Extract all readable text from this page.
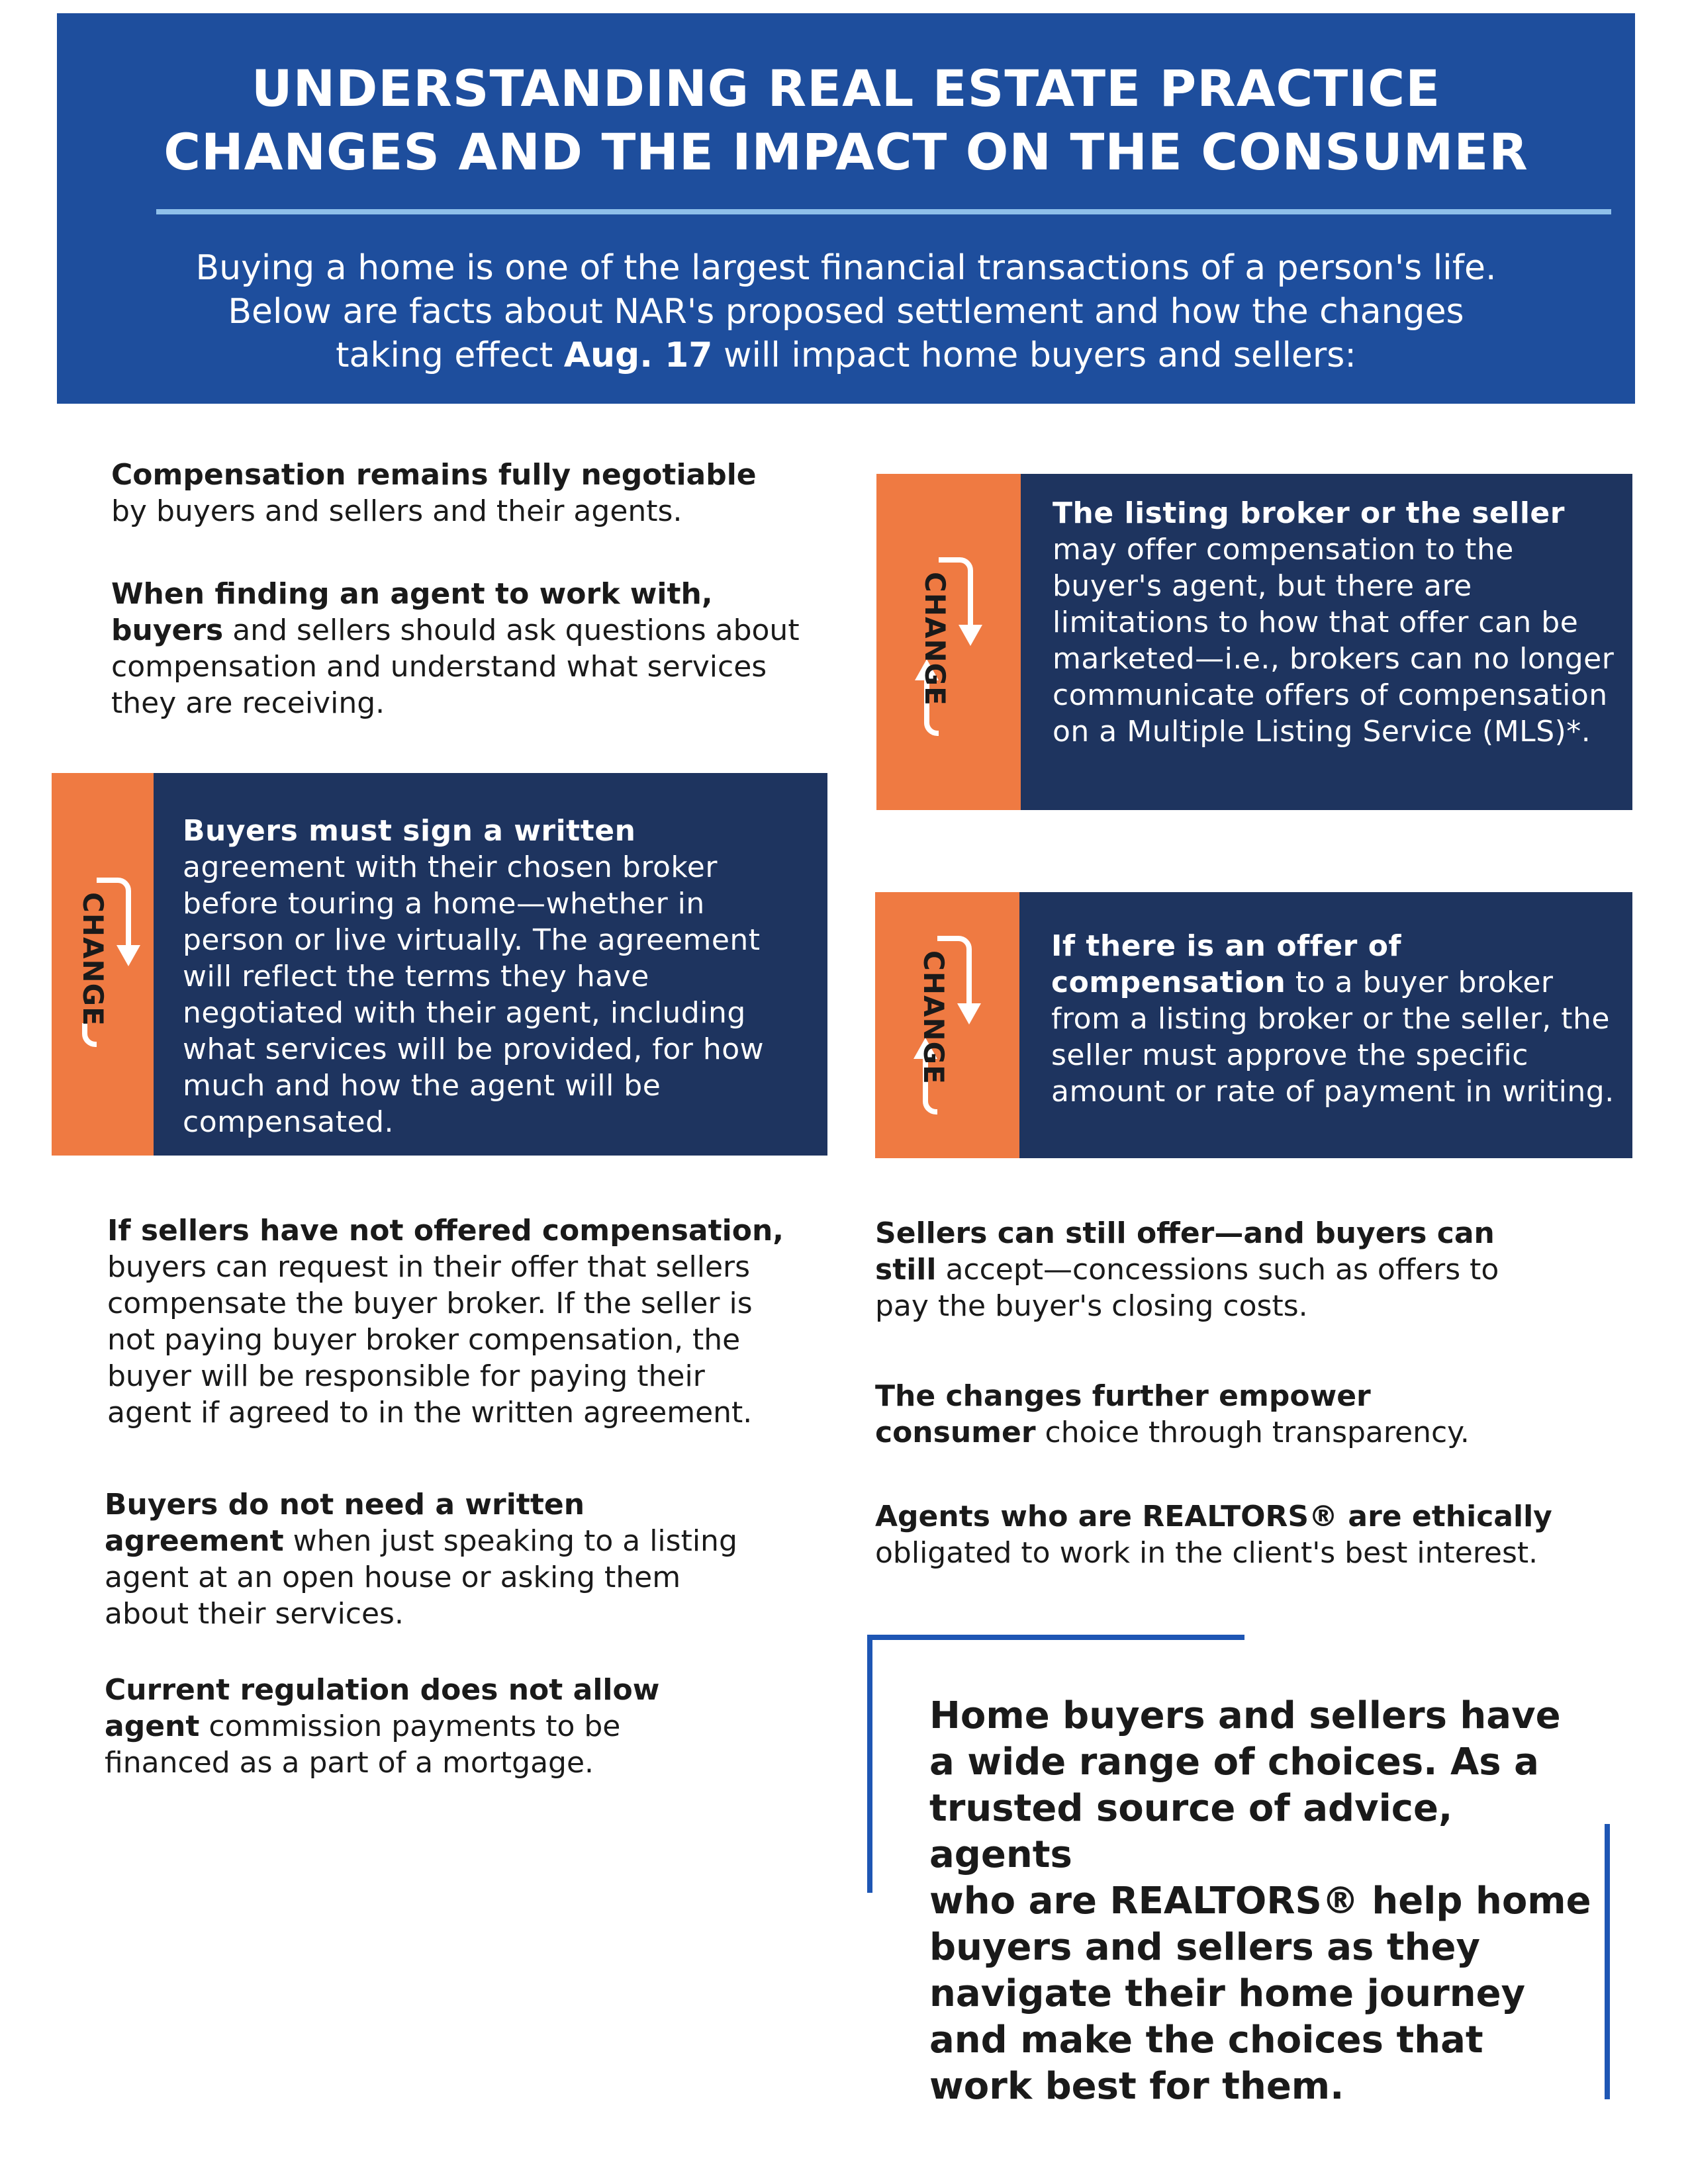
UNDERSTANDING REAL ESTATE PRACTICE
CHANGES AND THE IMPACT ON THE CONSUMER
Buying a home is one of the largest financial transactions of a person's life.
Below are facts about NAR's proposed settlement and how the changes
taking effect Aug. 17 will impact home buyers and sellers:
Compensation remains fully negotiable by buyers and sellers and their agents.
When finding an agent to work with, buyers and sellers should ask questions about compensation and understand what services they are receiving.
CHANGE
Buyers must sign a written agreement with their chosen broker before touring a home—whether in person or live virtually. The agreement will reflect the terms they have negotiated with their agent, including what services will be provided, for how much and how the agent will be compensated.
If sellers have not offered compensation, buyers can request in their offer that sellers compensate the buyer broker. If the seller is not paying buyer broker compensation, the buyer will be responsible for paying their agent if agreed to in the written agreement.
Buyers do not need a written agreement when just speaking to a listing agent at an open house or asking them about their services.
Current regulation does not allow agent commission payments to be financed as a part of a mortgage.
CHANGE
The listing broker or the seller may offer compensation to the buyer's agent, but there are limitations to how that offer can be marketed—i.e., brokers can no longer communicate offers of compensation on a Multiple Listing Service (MLS)*.
CHANGE
If there is an offer of compensation to a buyer broker from a listing broker or the seller, the seller must approve the specific amount or rate of payment in writing.
Sellers can still offer—and buyers can still accept—concessions such as offers to pay the buyer's closing costs.
The changes further empower consumer choice through transparency.
Agents who are REALTORS® are ethically obligated to work in the client's best interest.
Home buyers and sellers have
a wide range of choices. As a
trusted source of advice, agents
who are REALTORS® help home
buyers and sellers as they
navigate their home journey
and make the choices that
work best for them.
